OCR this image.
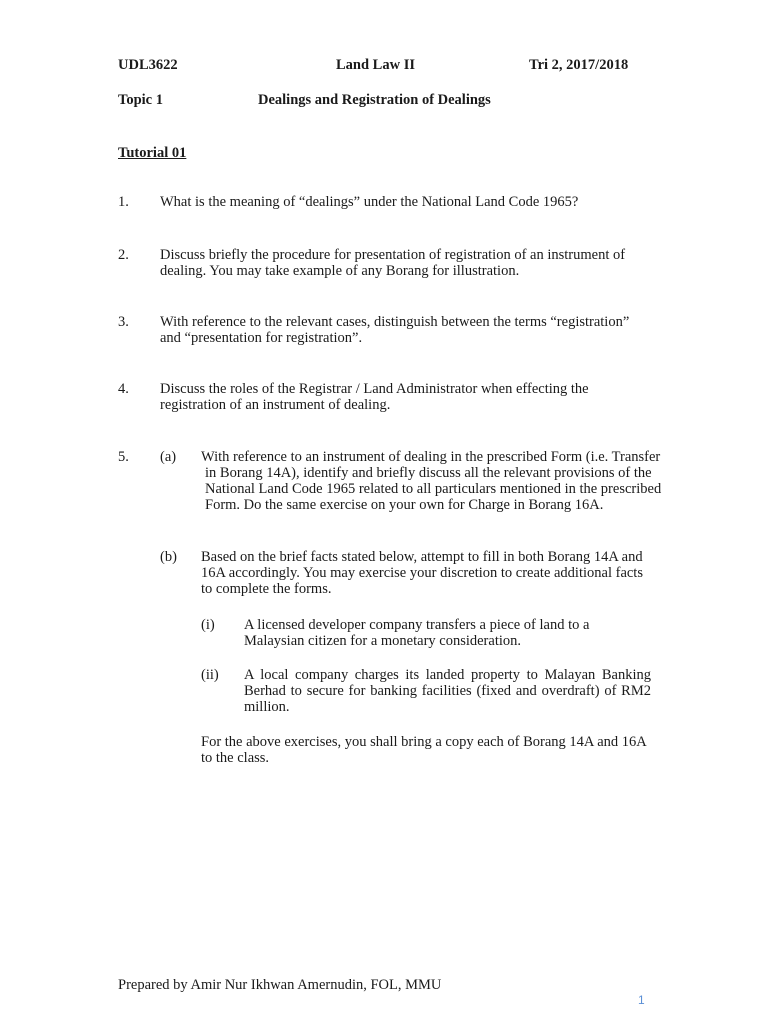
UDL3622	Land Law II	Tri 2, 2017/2018
Topic 1	Dealings and Registration of Dealings
Tutorial 01
1. What is the meaning of “dealings” under the National Land Code 1965?
2. Discuss briefly the procedure for presentation of registration of an instrument of
dealing. You may take example of any Borang for illustration.
3. With reference to the relevant cases, distinguish between the terms “registration”
and “presentation for registration”.
4. Discuss the roles of the Registrar / Land Administrator when effecting the
registration of an instrument of dealing.
5. (a) With reference to an instrument of dealing in the prescribed Form (i.e. Transfer
in Borang 14A), identify and briefly discuss all the relevant provisions of the
National Land Code 1965 related to all particulars mentioned in the prescribed
Form. Do the same exercise on your own for Charge in Borang 16A.
(b) Based on the brief facts stated below, attempt to fill in both Borang 14A and
16A accordingly. You may exercise your discretion to create additional facts
to complete the forms.
(i) A licensed developer company transfers a piece of land to a
Malaysian citizen for a monetary consideration.
(ii) A local company charges its landed property to Malayan Banking
Berhad to secure for banking facilities (fixed and overdraft) of RM2
million.
For the above exercises, you shall bring a copy each of Borang 14A and 16A
to the class.
Prepared by Amir Nur Ikhwan Amernudin, FOL, MMU
1
